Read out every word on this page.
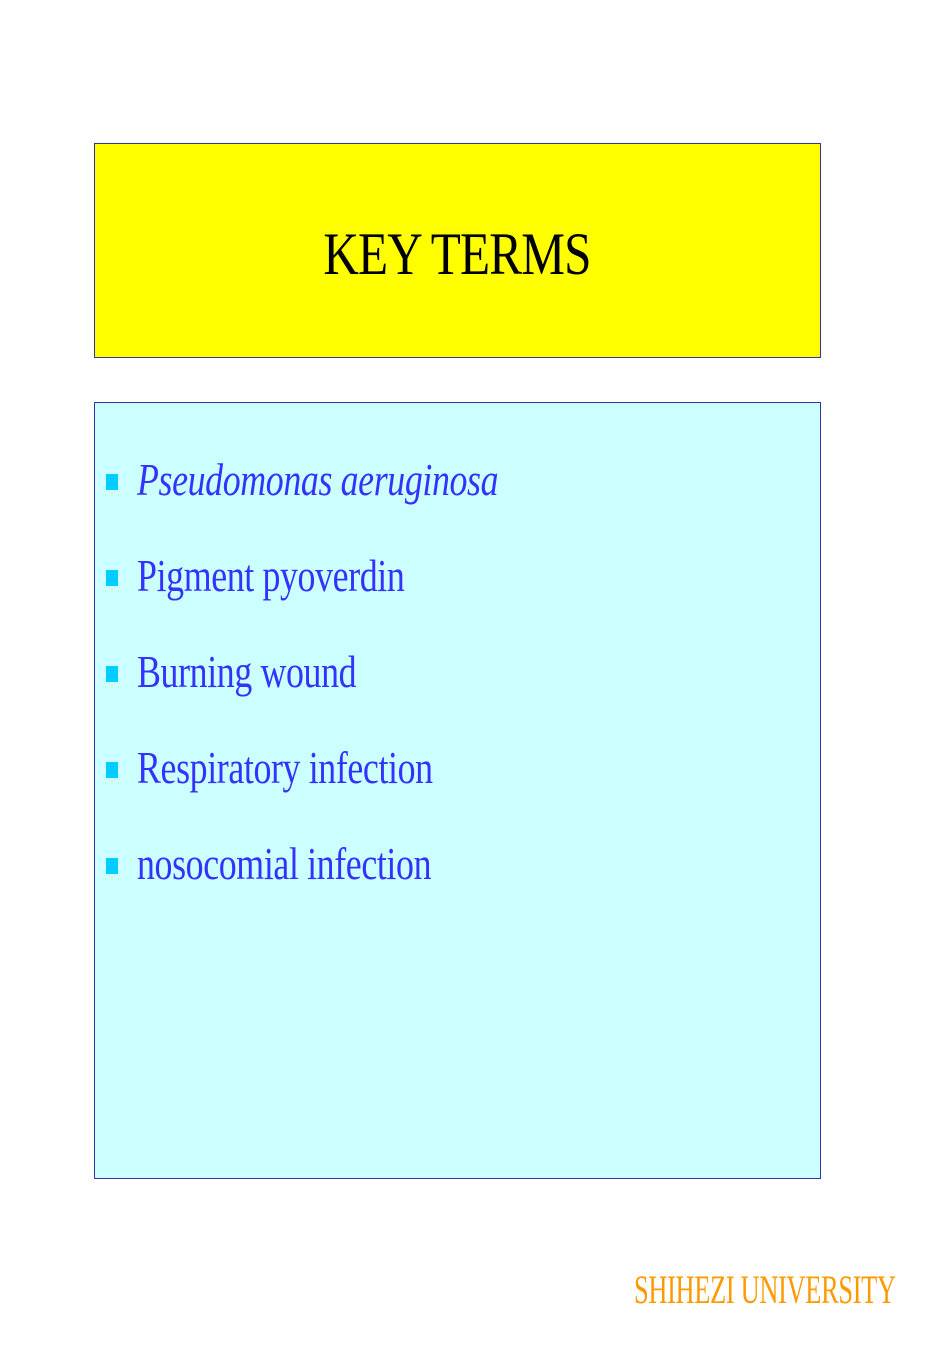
KEY TERMS
Pseudomonas aeruginosa
Pigment pyoverdin
Burning wound
Respiratory infection
nosocomial infection
SHIHEZI UNIVERSITY
